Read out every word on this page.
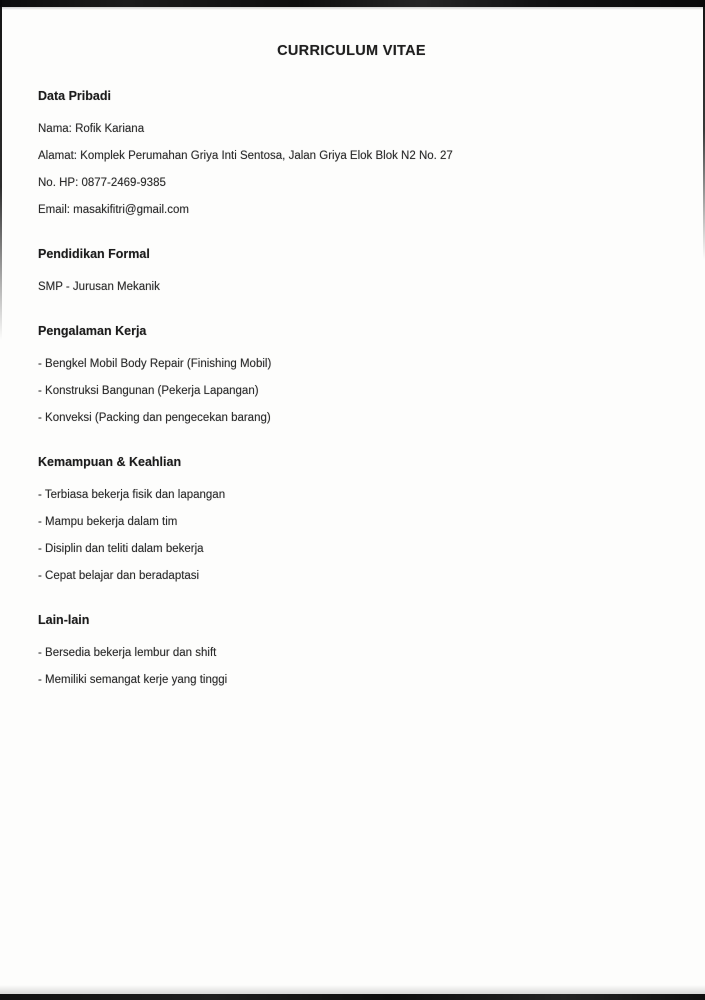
CURRICULUM VITAE
Data Pribadi

Nama: Rofik Kariana

Alamat: Komplek Perumahan Griya Inti Sentosa, Jalan Griya Elok Blok N2 No. 27

No. HP: 0877-2469-9385

Email: masakifitri@gmail.com

Pendidikan Formal

SMP - Jurusan Mekanik

Pengalaman Kerja

- Bengkel Mobil Body Repair (Finishing Mobil)

- Konstruksi Bangunan (Pekerja Lapangan)

- Konveksi (Packing dan pengecekan barang)

Kemampuan & Keahlian

- Terbiasa bekerja fisik dan lapangan

- Mampu bekerja dalam tim

- Disiplin dan teliti dalam bekerja

- Cepat belajar dan beradaptasi

Lain-lain

- Bersedia bekerja lembur dan shift

- Memiliki semangat kerje yang tinggi
